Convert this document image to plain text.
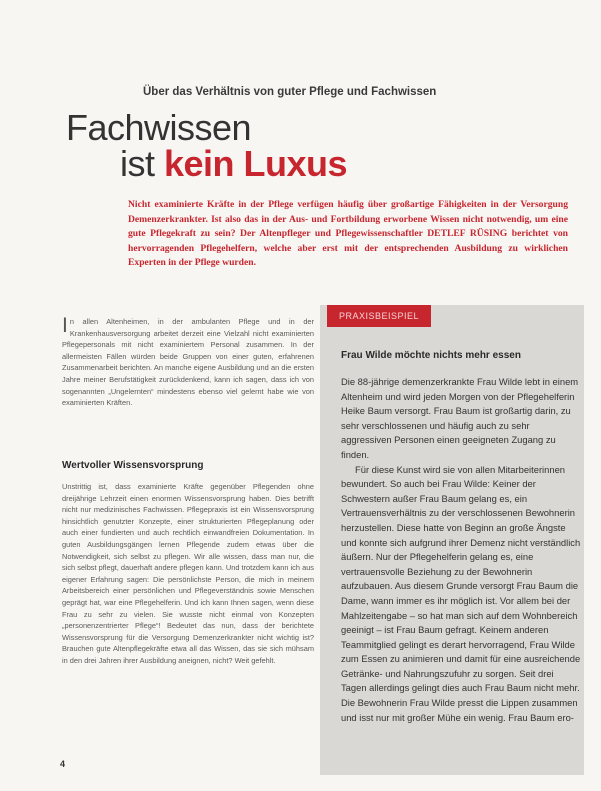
Über das Verhältnis von guter Pflege und Fachwissen
Fachwissen
ist kein Luxus
Nicht examinierte Kräfte in der Pflege verfügen häufig über großartige Fähigkeiten in der Versorgung Demenzerkrankter. Ist also das in der Aus- und Fortbildung erworbene Wissen nicht notwendig, um eine gute Pflegekraft zu sein? Der Altenpfleger und Pflegewissenschaftler DETLEF RÜSING berichtet von hervorragenden Pflegehelfern, welche aber erst mit der entsprechenden Ausbildung zu wirklichen Experten in der Pflege wurden.

In allen Altenheimen, in der ambulanten Pflege und in der Krankenhausversorgung arbeitet derzeit eine Vielzahl nicht examinierten Pflegepersonals mit nicht examiniertem Personal zusammen. In der allermeisten Fällen würden beide Gruppen von einer guten, erfahrenen Zusammenarbeit berichten. An manche eigene Ausbildung und an die ersten Jahre meiner Berufstätigkeit zurückdenkend, kann ich sagen, dass ich von sogenannten „Ungelernten“ mindestens ebenso viel gelernt habe wie von examinierten Kräften.

Wertvoller Wissensvorsprung

Unstrittig ist, dass examinierte Kräfte gegenüber Pflegenden ohne dreijährige Lehrzeit einen enormen Wissensvorsprung haben. Dies betrifft nicht nur medizinisches Fachwissen. Pflegepraxis ist ein Wissensvorsprung hinsichtlich genutzter Konzepte, einer strukturierten Pflegeplanung oder auch einer fundierten und auch rechtlich einwandfreien Dokumentation. In guten Ausbildungsgängen lernen Pflegende zudem etwas über die Notwendigkeit, sich selbst zu pflegen. Wir alle wissen, dass man nur, die sich selbst pflegt, dauerhaft andere pflegen kann. Und trotzdem kann ich aus eigener Erfahrung sagen: Die persönlichste Person, die mich in meinem Arbeitsbereich einer persönlichen und Pflegeverständnis sowie Menschen geprägt hat, war eine Pflegehelferin. Und ich kann Ihnen sagen, wenn diese Frau zu sehr zu vielen. Sie wusste nicht einmal von Konzepten „personenzentrierter Pflege“! Bedeutet das nun, dass der berichtete Wissensvorsprung für die Versorgung Demenzerkrankter nicht wichtig ist? Brauchen gute Altenpflegekräfte etwa all das Wissen, das sie sich mühsam in den drei Jahren ihrer Ausbildung aneignen, nicht? Weit gefehlt.

PRAXISBEISPIEL
Frau Wilde möchte nichts mehr essen

Die 88-jährige demenzerkrankte Frau Wilde lebt in einem Altenheim und wird jeden Morgen von der Pflegehelferin Heike Baum versorgt. Frau Baum ist großartig darin, zu sehr verschlossenen und häufig auch zu sehr aggressiven Personen einen geeigneten Zugang zu finden.

Für diese Kunst wird sie von allen Mitarbeiterinnen bewundert. So auch bei Frau Wilde: Keiner der Schwestern außer Frau Baum gelang es, ein Vertrauensverhältnis zu der verschlossenen Bewohnerin herzustellen. Diese hatte von Beginn an große Ängste und konnte sich aufgrund ihrer Demenz nicht verständlich äußern. Nur der Pflegehelferin gelang es, eine vertrauensvolle Beziehung zu der Bewohnerin aufzubauen. Aus diesem Grunde versorgt Frau Baum die Dame, wann immer es ihr möglich ist. Vor allem bei der Mahlzeitengabe – so hat man sich auf dem Wohnbereich geeinigt – ist Frau Baum gefragt. Keinem anderen Teammitglied gelingt es derart hervorragend, Frau Wilde zum Essen zu animieren und damit für eine ausreichende Getränke- und Nahrungszufuhr zu sorgen. Seit drei Tagen allerdings gelingt dies auch Frau Baum nicht mehr. Die Bewohnerin Frau Wilde presst die Lippen zusammen und isst nur mit großer Mühe ein wenig. Frau Baum ero-

4
